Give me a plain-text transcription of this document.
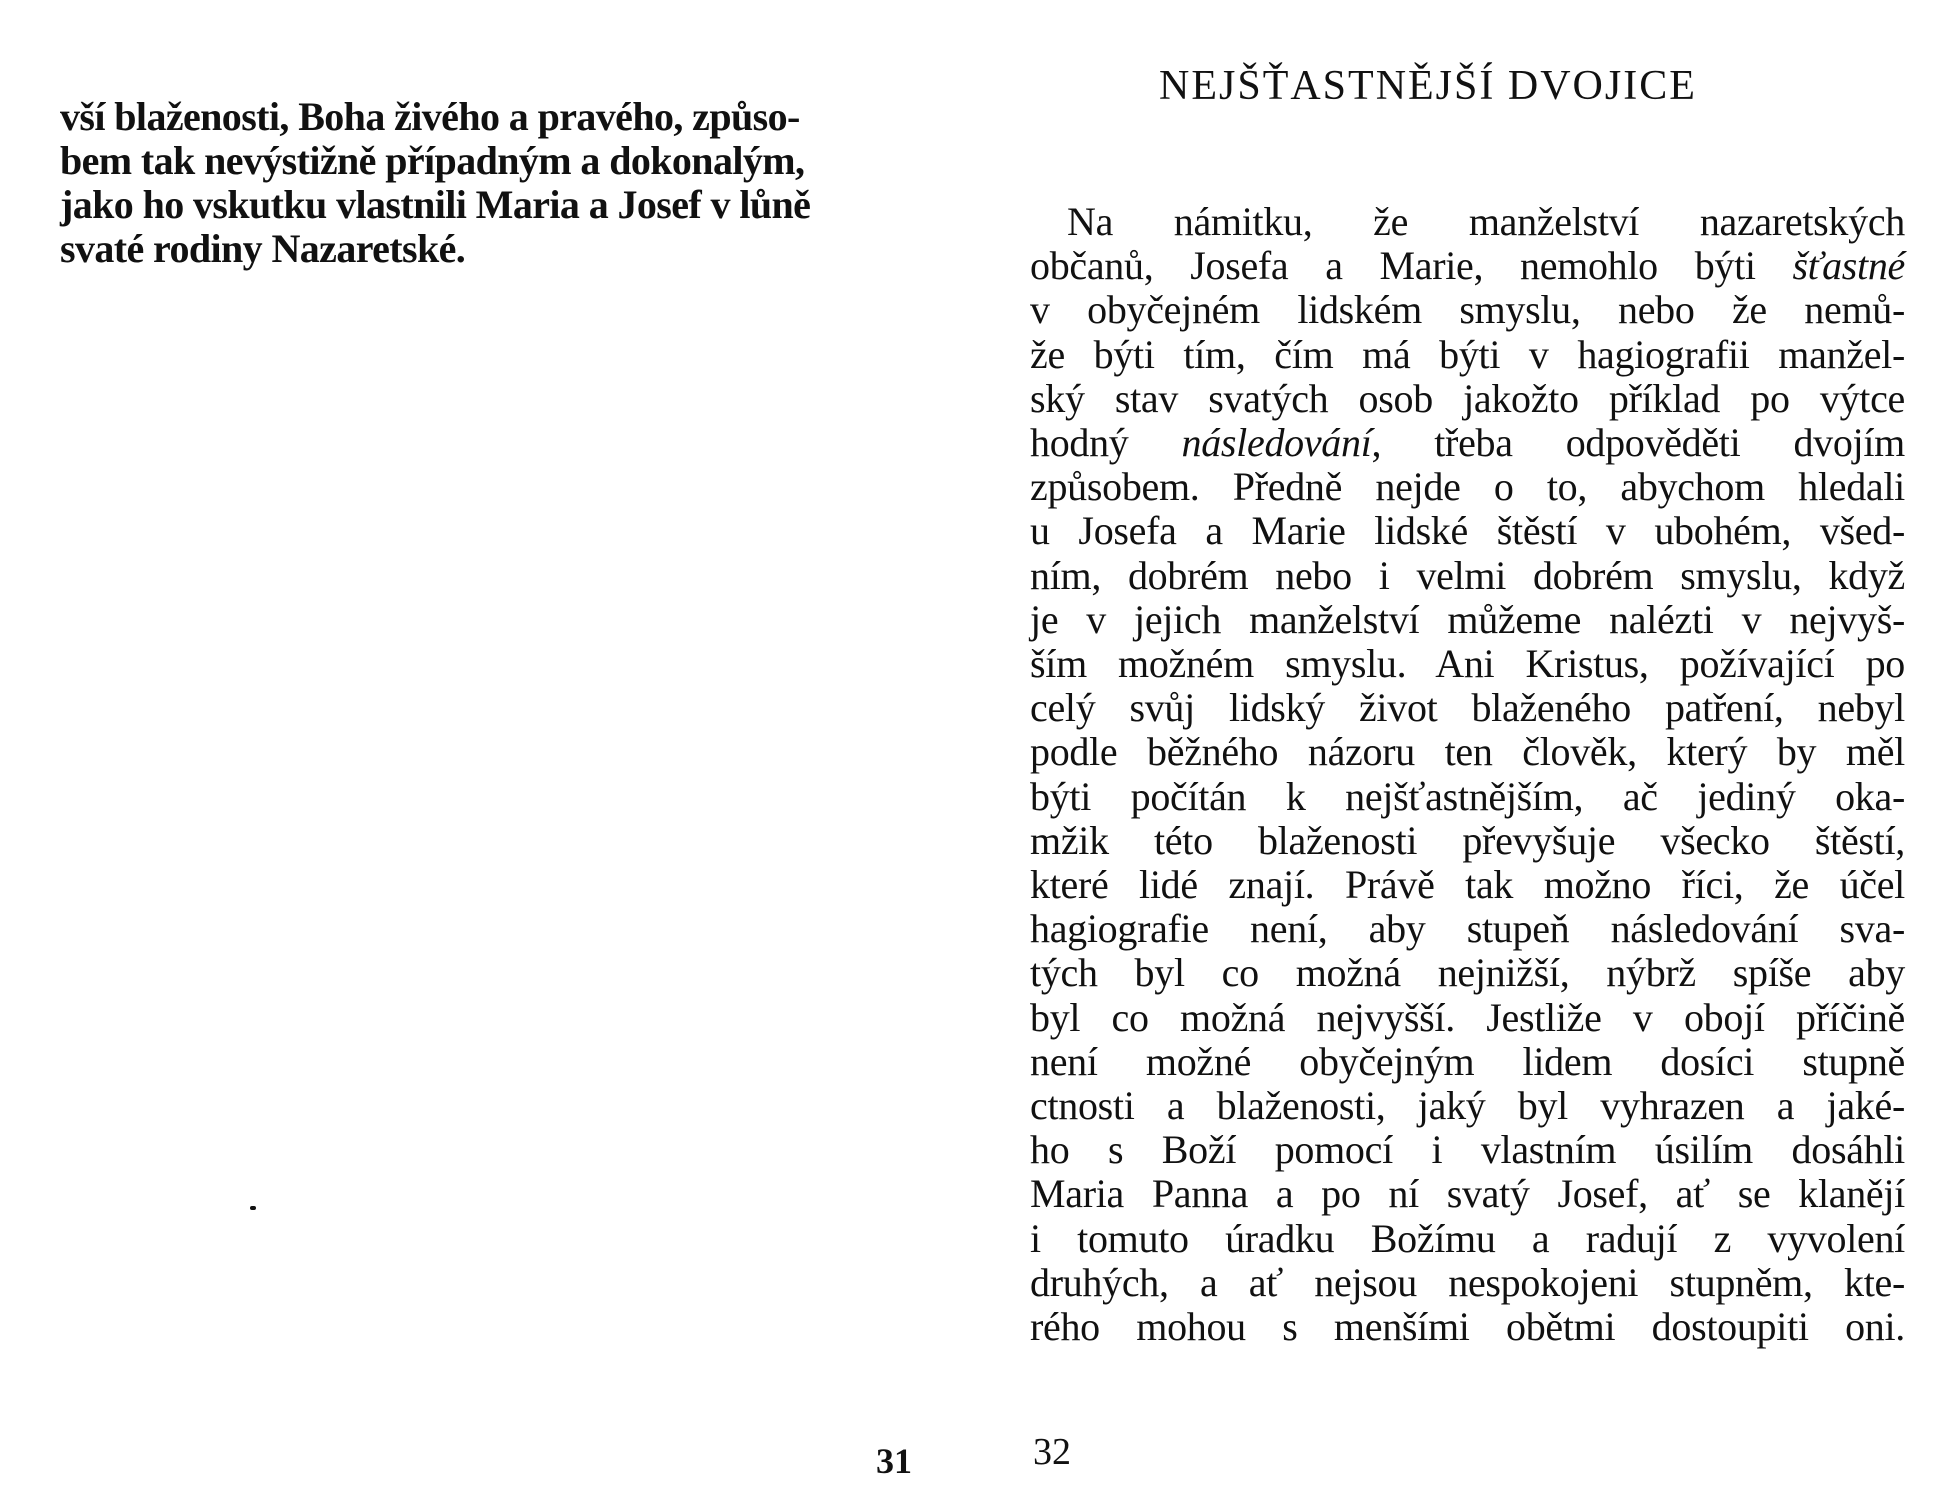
vší blaženosti, Boha živého a pravého, způso-
bem tak nevýstižně případným a dokonalým,
jako ho vskutku vlastnili Maria a Josef v lůně
svaté rodiny Nazaretské.

31
NEJŠŤASTNĚJŠÍ DVOJICE

Na námitku, že manželství nazaretských
občanů, Josefa a Marie, nemohlo býti šťastné
v obyčejném lidském smyslu, nebo že nemů-
že býti tím, čím má býti v hagiografii manžel-
ský stav svatých osob jakožto příklad po výtce
hodný následování, třeba odpověděti dvojím
způsobem. Předně nejde o to, abychom hledali
u Josefa a Marie lidské štěstí v ubohém, všed-
ním, dobrém nebo i velmi dobrém smyslu, když
je v jejich manželství můžeme nalézti v nejvyš-
ším možném smyslu. Ani Kristus, požívající po
celý svůj lidský život blaženého patření, nebyl
podle běžného názoru ten člověk, který by měl
býti počítán k nejšťastnějším, ač jediný oka-
mžik této blaženosti převyšuje všecko štěstí,
které lidé znají. Právě tak možno říci, že účel
hagiografie není, aby stupeň následování sva-
tých byl co možná nejnižší, nýbrž spíše aby
byl co možná nejvyšší. Jestliže v obojí příčině
není možné obyčejným lidem dosíci stupně
ctnosti a blaženosti, jaký byl vyhrazen a jaké-
ho s Boží pomocí i vlastním úsilím dosáhli
Maria Panna a po ní svatý Josef, ať se klanějí
i tomuto úradku Božímu a radují z vyvolení
druhých, a ať nejsou nespokojeni stupněm, kte-
rého mohou s menšími obětmi dostoupiti oni.

32
